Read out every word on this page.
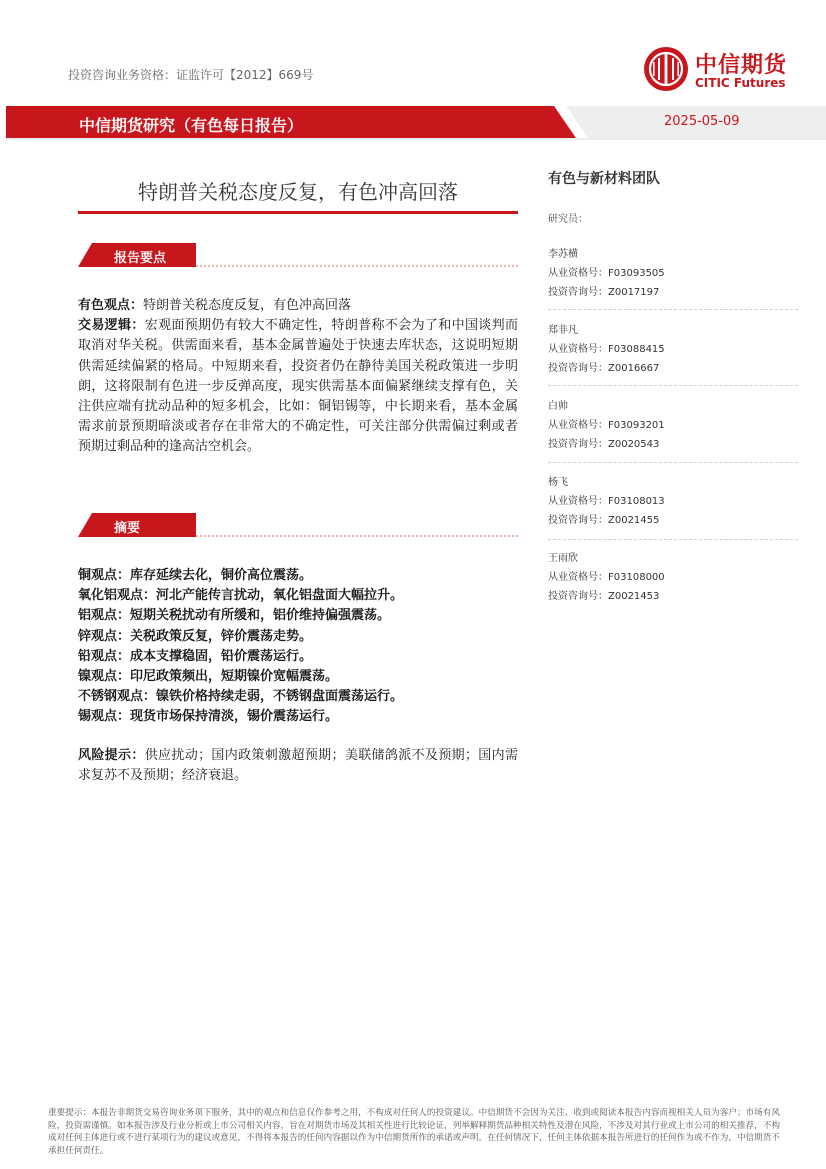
投资咨询业务资格：证监许可【2012】669号	中信期货
CITIC Futures
中信期货研究（有色每日报告）	2025-05-09
特朗普关税态度反复，有色冲高回落
报告要点

有色观点：特朗普关税态度反复，有色冲高回落

交易逻辑：宏观面预期仍有较大不确定性，特朗普称不会为了和中国谈判而取消对华关税。供需面来看，基本金属普遍处于快速去库状态，这说明短期供需延续偏紧的格局。中短期来看，投资者仍在静待美国关税政策进一步明朗，这将限制有色进一步反弹高度，现实供需基本面偏紧继续支撑有色，关注供应端有扰动品种的短多机会，比如：铜铝锡等，中长期来看，基本金属需求前景预期暗淡或者存在非常大的不确定性，可关注部分供需偏过剩或者预期过剩品种的逢高沽空机会。

摘要

铜观点：库存延续去化，铜价高位震荡。

氧化铝观点：河北产能传言扰动，氧化铝盘面大幅拉升。

铝观点：短期关税扰动有所缓和，铝价维持偏强震荡。

锌观点：关税政策反复，锌价震荡走势。

铅观点：成本支撑稳固，铅价震荡运行。

镍观点：印尼政策频出，短期镍价宽幅震荡。

不锈钢观点：镍铁价格持续走弱，不锈钢盘面震荡运行。

锡观点：现货市场保持清淡，锡价震荡运行。

风险提示：供应扰动；国内政策刺激超预期；美联储鸽派不及预期；国内需求复苏不及预期；经济衰退。

有色与新材料团队
研究员：
李苏横
从业资格号：F03093505
投资咨询号：Z0017197
郑非凡
从业资格号：F03088415
投资咨询号：Z0016667
白帅
从业资格号：F03093201
投资咨询号：Z0020543
杨飞
从业资格号：F03108013
投资咨询号：Z0021455
王雨欣
从业资格号：F03108000
投资咨询号：Z0021453
重要提示：本报告非期货交易咨询业务项下服务，其中的观点和信息仅作参考之用，不构成对任何人的投资建议。中信期货不会因为关注、收到或阅读本报告内容而视相关人员为客户；市场有风险，投资需谨慎。如本报告涉及行业分析或上市公司相关内容，旨在对期货市场及其相关性进行比较论证，列举解释期货品种相关特性及潜在风险，不涉及对其行业或上市公司的相关推荐，不构成对任何主体进行或不进行某项行为的建议或意见，不得将本报告的任何内容据以作为中信期货所作的承诺或声明。在任何情况下，任何主体依据本报告所进行的任何作为或不作为，中信期货不承担任何责任。
